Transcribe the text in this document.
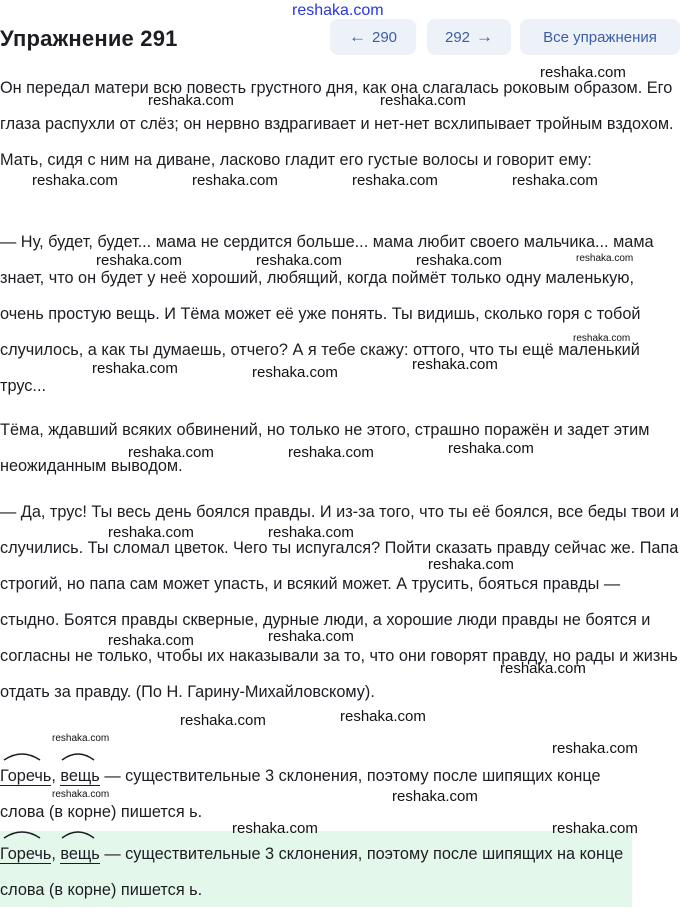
reshaka.com
Упражнение 291	← 290	292 →	Все упражнения
Он передал матери всю повесть грустного дня, как она слагалась роковым образом. Его глаза распухли от слёз; он нервно вздрагивает и нет-нет всхлипывает тройным вздохом. Мать, сидя с ним на диване, ласково гладит его густые волосы и говорит ему:
— Ну, будет, будет... мама не сердится больше... мама любит своего мальчика... мама знает, что он будет у неё хороший, любящий, когда поймёт только одну маленькую, очень простую вещь. И Тёма может её уже понять. Ты видишь, сколько горя с тобой случилось, а как ты думаешь, отчего? А я тебе скажу: оттого, что ты ещё маленький трус...
Тёма, ждавший всяких обвинений, но только не этого, страшно поражён и задет этим неожиданным выводом.
— Да, трус! Ты весь день боялся правды. И из-за того, что ты её боялся, все беды твои и случились. Ты сломал цветок. Чего ты испугался? Пойти сказать правду сейчас же. Папа строгий, но папа сам может упасть, и всякий может. А трусить, бояться правды — стыдно. Боятся правды скверные, дурные люди, а хорошие люди правды не боятся и согласны не только, чтобы их наказывали за то, что они говорят правду, но рады и жизнь отдать за правду. (По Н. Гарину-Михайловскому).
Горечь, вещь — существительные 3 склонения, поэтому после шипящих конце слова (в корне) пишется ь.
Горечь, вещь — существительные 3 склонения, поэтому после шипящих на конце слова (в корне) пишется ь.
reshaka.com
reshaka.com	reshaka.com
reshaka.com	reshaka.com	reshaka.com	reshaka.com
reshaka.com	reshaka.com	reshaka.com	reshaka.com
reshaka.com
reshaka.com	reshaka.com	reshaka.com
reshaka.com	reshaka.com	reshaka.com
reshaka.com	reshaka.com
reshaka.com
reshaka.com	reshaka.com
reshaka.com
reshaka.com	reshaka.com
reshaka.com
reshaka.com
reshaka.com	reshaka.com
reshaka.com	reshaka.com
